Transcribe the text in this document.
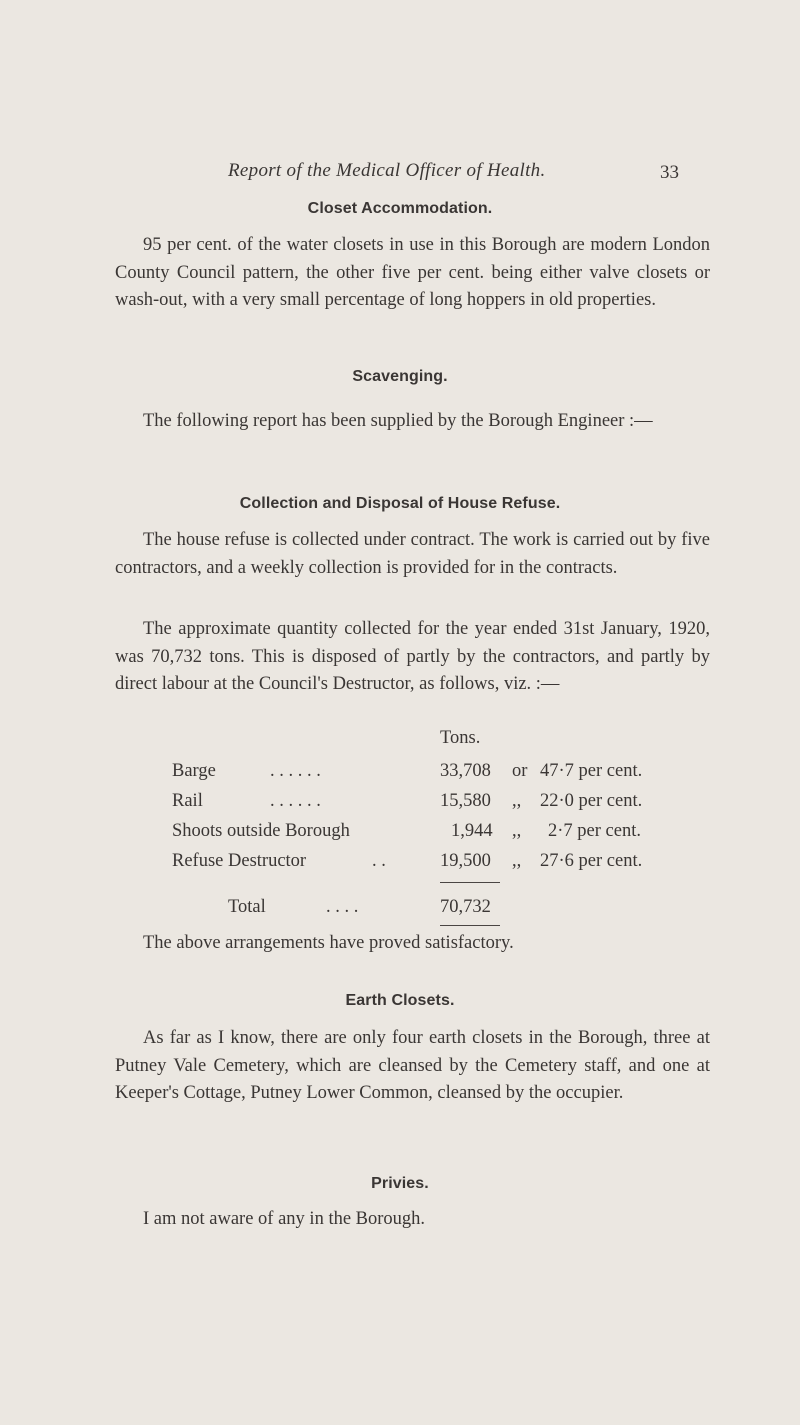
Report of the Medical Officer of Health.	33
Closet Accommodation.

95 per cent. of the water closets in use in this Borough are modern London County Council pattern, the other five per cent. being either valve closets or wash-out, with a very small percentage of long hoppers in old properties.

Scavenging.

The following report has been supplied by the Borough Engineer :—

Collection and Disposal of House Refuse.

The house refuse is collected under contract. The work is carried out by five contractors, and a weekly collection is provided for in the contracts.

The approximate quantity collected for the year ended 31st January, 1920, was 70,732 tons. This is disposed of partly by the contractors, and partly by direct labour at the Council's Destructor, as follows, viz. :—

Tons.
Barge	. . . . . .	33,708 or 47·7 per cent.
Rail	. . . . . .	15,580 ,, 22·0 per cent.
Shoots outside Borough	1,944 ,, 2·7 per cent.
Refuse Destructor	. .	19,500 ,, 27·6 per cent.
Total	. . . .	70,732

The above arrangements have proved satisfactory.

Earth Closets.

As far as I know, there are only four earth closets in the Borough, three at Putney Vale Cemetery, which are cleansed by the Cemetery staff, and one at Keeper's Cottage, Putney Lower Common, cleansed by the occupier.

Privies.

I am not aware of any in the Borough.
